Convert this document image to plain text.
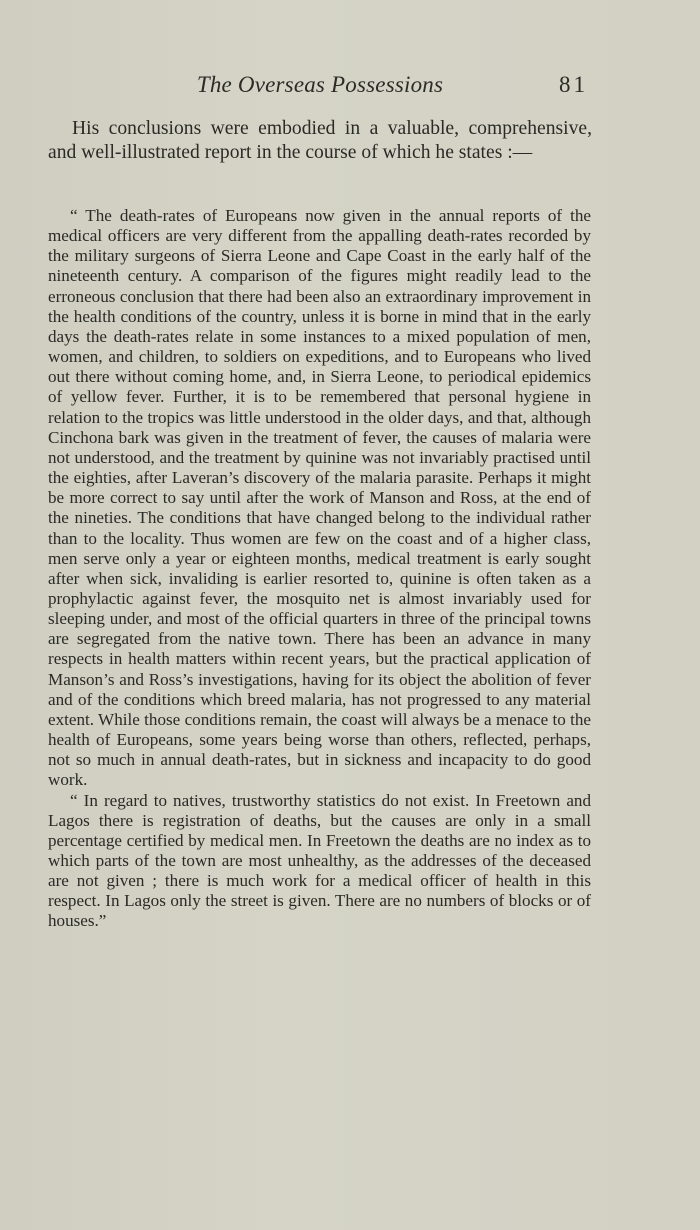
The Overseas Possessions	81

His conclusions were embodied in a valuable, comprehensive, and well-illustrated report in the course of which he states :—

“ The death-rates of Europeans now given in the annual reports of the medical officers are very different from the appalling death-rates recorded by the military surgeons of Sierra Leone and Cape Coast in the early half of the nineteenth century. A comparison of the figures might readily lead to the erroneous conclusion that there had been also an extraordinary improvement in the health conditions of the country, unless it is borne in mind that in the early days the death-rates relate in some instances to a mixed population of men, women, and children, to soldiers on expeditions, and to Europeans who lived out there without coming home, and, in Sierra Leone, to periodical epidemics of yellow fever. Further, it is to be remembered that personal hygiene in relation to the tropics was little understood in the older days, and that, although Cinchona bark was given in the treatment of fever, the causes of malaria were not understood, and the treatment by quinine was not invariably practised until the eighties, after Laveran’s discovery of the malaria parasite. Perhaps it might be more correct to say until after the work of Manson and Ross, at the end of the nineties. The conditions that have changed belong to the individual rather than to the locality. Thus women are few on the coast and of a higher class, men serve only a year or eighteen months, medical treatment is early sought after when sick, invaliding is earlier resorted to, quinine is often taken as a prophylactic against fever, the mosquito net is almost invariably used for sleeping under, and most of the official quarters in three of the principal towns are segregated from the native town. There has been an advance in many respects in health matters within recent years, but the practical application of Manson’s and Ross’s investigations, having for its object the abolition of fever and of the conditions which breed malaria, has not progressed to any material extent. While those conditions remain, the coast will always be a menace to the health of Europeans, some years being worse than others, reflected, perhaps, not so much in annual death-rates, but in sickness and incapacity to do good work.

“ In regard to natives, trustworthy statistics do not exist. In Freetown and Lagos there is registration of deaths, but the causes are only in a small percentage certified by medical men. In Freetown the deaths are no index as to which parts of the town are most unhealthy, as the addresses of the deceased are not given ; there is much work for a medical officer of health in this respect. In Lagos only the street is given. There are no numbers of blocks or of houses.”
